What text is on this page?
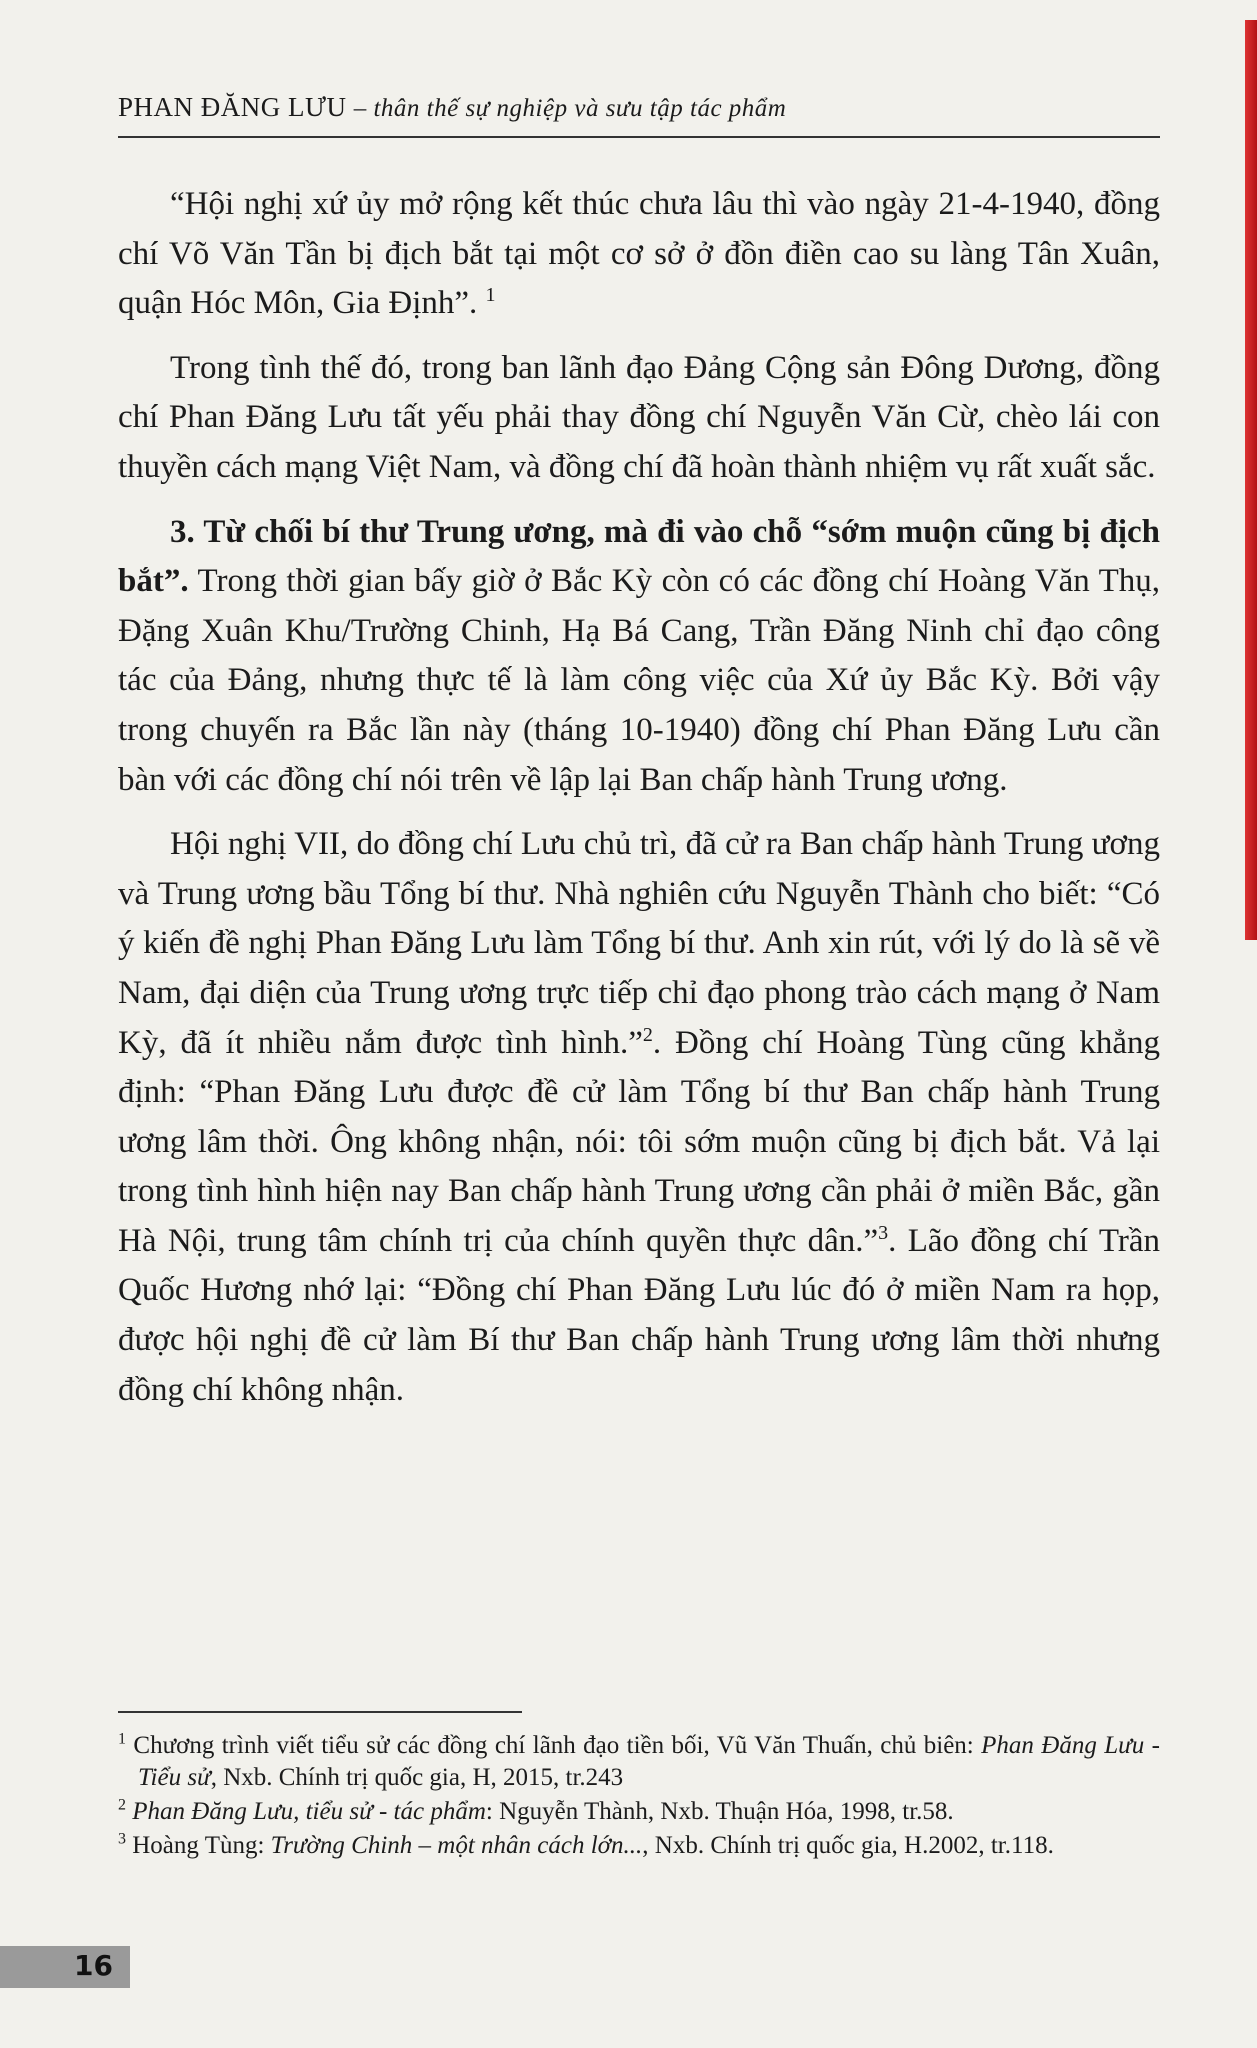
PHAN ĐĂNG LƯU – thân thế sự nghiệp và sưu tập tác phẩm

“Hội nghị xứ ủy mở rộng kết thúc chưa lâu thì vào ngày 21-4-1940, đồng chí Võ Văn Tần bị địch bắt tại một cơ sở ở đồn điền cao su làng Tân Xuân, quận Hóc Môn, Gia Định”. $^1$

Trong tình thế đó, trong ban lãnh đạo Đảng Cộng sản Đông Dương, đồng chí Phan Đăng Lưu tất yếu phải thay đồng chí Nguyễn Văn Cừ, chèo lái con thuyền cách mạng Việt Nam, và đồng chí đã hoàn thành nhiệm vụ rất xuất sắc.

3. Từ chối bí thư Trung ương, mà đi vào chỗ “sớm muộn cũng bị địch bắt”. Trong thời gian bấy giờ ở Bắc Kỳ còn có các đồng chí Hoàng Văn Thụ, Đặng Xuân Khu/Trường Chinh, Hạ Bá Cang, Trần Đăng Ninh chỉ đạo công tác của Đảng, nhưng thực tế là làm công việc của Xứ ủy Bắc Kỳ. Bởi vậy trong chuyến ra Bắc lần này (tháng 10-1940) đồng chí Phan Đăng Lưu cần bàn với các đồng chí nói trên về lập lại Ban chấp hành Trung ương.

Hội nghị VII, do đồng chí Lưu chủ trì, đã cử ra Ban chấp hành Trung ương và Trung ương bầu Tổng bí thư. Nhà nghiên cứu Nguyễn Thành cho biết: “Có ý kiến đề nghị Phan Đăng Lưu làm Tổng bí thư. Anh xin rút, với lý do là sẽ về Nam, đại diện của Trung ương trực tiếp chỉ đạo phong trào cách mạng ở Nam Kỳ, đã ít nhiều nắm được tình hình.”$^2$. Đồng chí Hoàng Tùng cũng khẳng định: “Phan Đăng Lưu được đề cử làm Tổng bí thư Ban chấp hành Trung ương lâm thời. Ông không nhận, nói: tôi sớm muộn cũng bị địch bắt. Vả lại trong tình hình hiện nay Ban chấp hành Trung ương cần phải ở miền Bắc, gần Hà Nội, trung tâm chính trị của chính quyền thực dân.”$^3$. Lão đồng chí Trần Quốc Hương nhớ lại: “Đồng chí Phan Đăng Lưu lúc đó ở miền Nam ra họp, được hội nghị đề cử làm Bí thư Ban chấp hành Trung ương lâm thời nhưng đồng chí không nhận.

$^1$ Chương trình viết tiểu sử các đồng chí lãnh đạo tiền bối, Vũ Văn Thuấn, chủ biên: Phan Đăng Lưu - Tiểu sử, Nxb. Chính trị quốc gia, H, 2015, tr.243
$^2$ Phan Đăng Lưu, tiểu sử - tác phẩm: Nguyễn Thành, Nxb. Thuận Hóa, 1998, tr.58.
$^3$ Hoàng Tùng: Trường Chinh – một nhân cách lớn..., Nxb. Chính trị quốc gia, H.2002, tr.118.
16
